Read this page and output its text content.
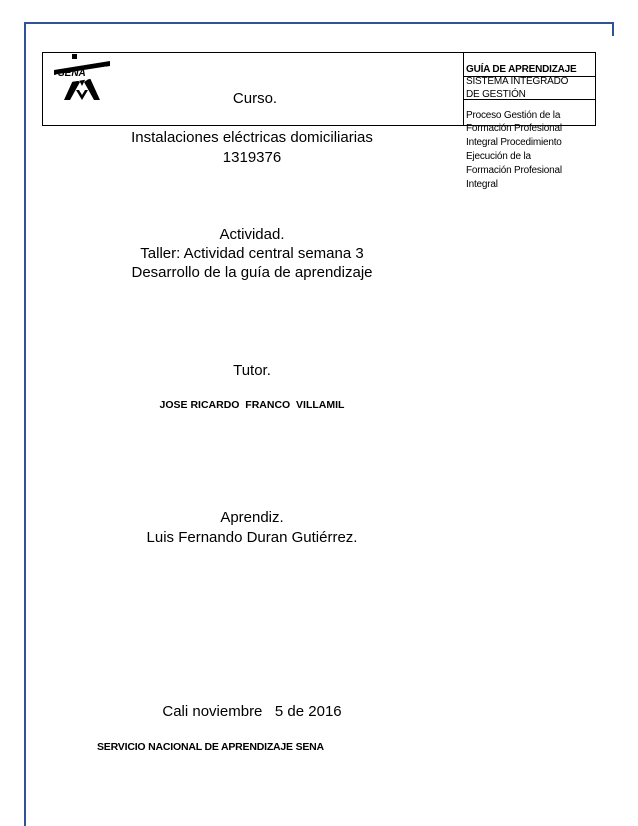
SENA
Curso.
GUÍA DE APRENDIZAJE
SISTEMA INTEGRADO
DE GESTIÓN
Proceso Gestión de la
Formación Profesional
Integral Procedimiento
Ejecución de la
Formación Profesional
Integral
Instalaciones eléctricas domiciliarias
1319376
Actividad.
Taller: Actividad central semana 3
Desarrollo de la guía de aprendizaje
Tutor.
JOSE RICARDO  FRANCO  VILLAMIL
Aprendiz.
Luis Fernando Duran Gutiérrez.
Cali noviembre   5 de 2016
SERVICIO NACIONAL DE APRENDIZAJE SENA
